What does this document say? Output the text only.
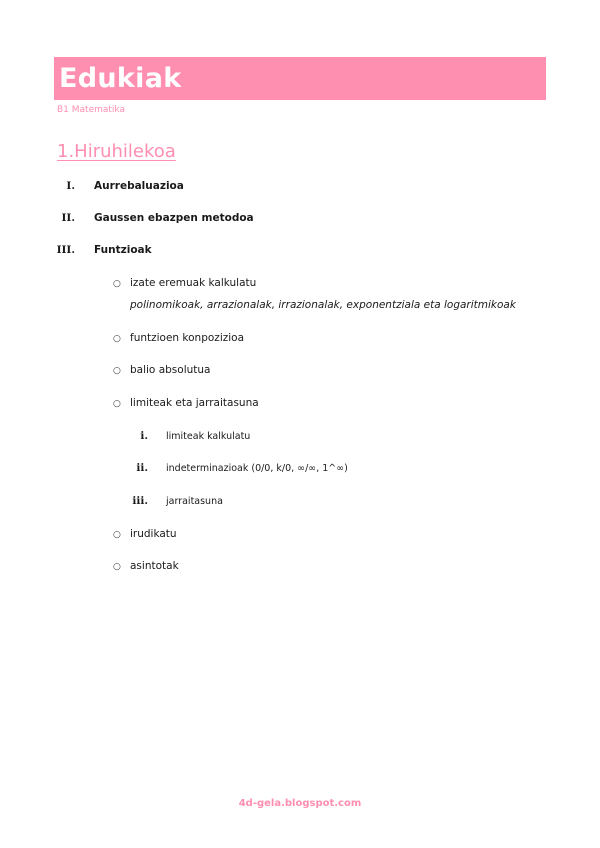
Edukiak
B1 Matematika
1.Hiruhilekoa
I. Aurrebaluazioa
II. Gaussen ebazpen metodoa
III. Funtzioak
○ izate eremuak kalkulatu
polinomikoak, arrazionalak, irrazionalak, exponentziala eta logaritmikoak
○ funtzioen konpozizioa
○ balio absolutua
○ limiteak eta jarraitasuna
i. limiteak kalkulatu
ii. indeterminazioak (0/0, k/0, ∞/∞, 1^∞)
iii. jarraitasuna
○ irudikatu
○ asintotak
4d-gela.blogspot.com
